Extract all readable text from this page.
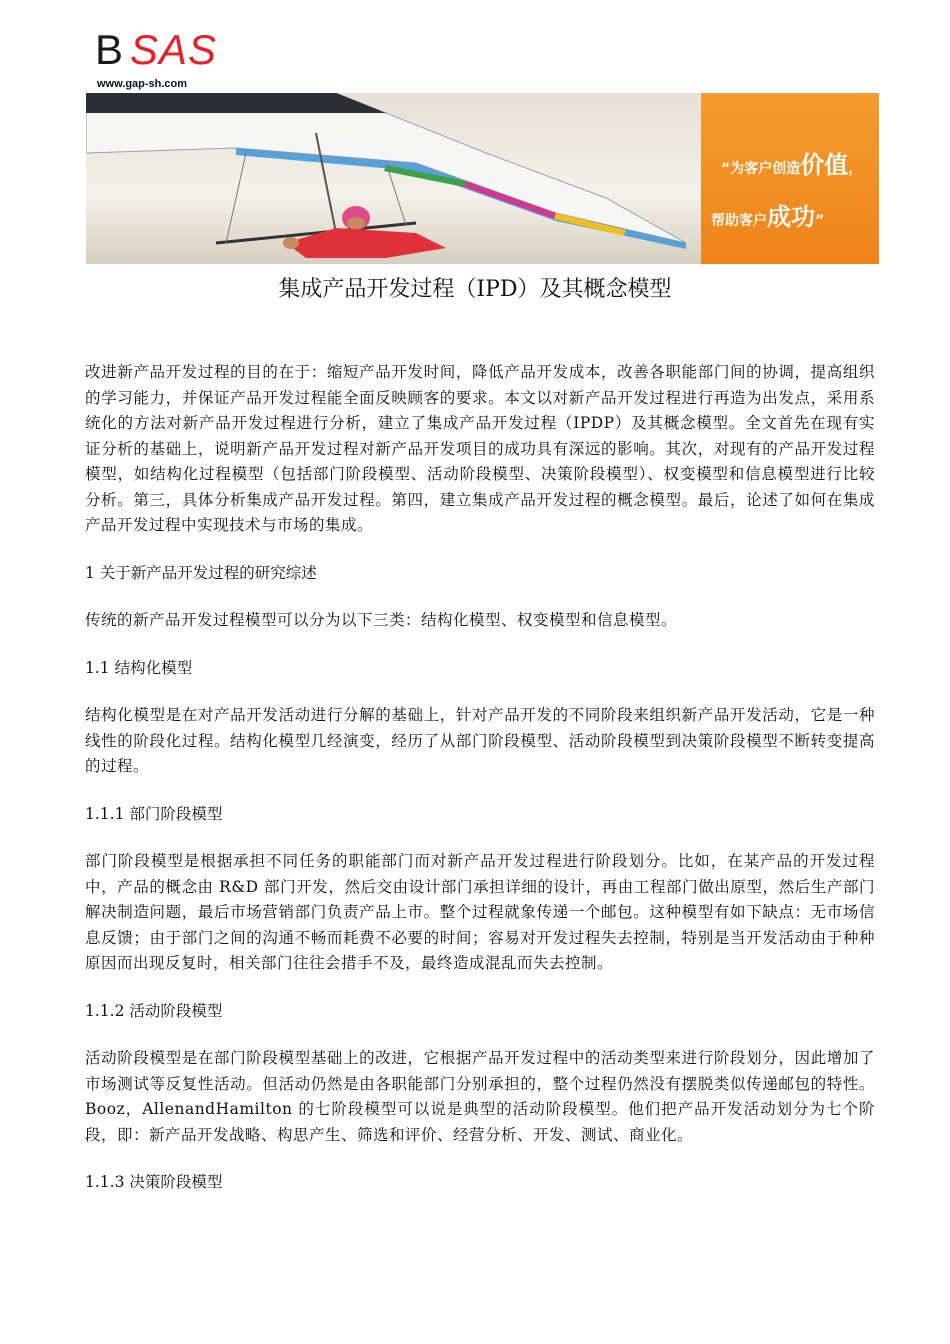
B SAS
www.gap-sh.com
“为客户创造价值，
帮助客户成功”
集成产品开发过程（IPD）及其概念模型

改进新产品开发过程的目的在于：缩短产品开发时间，降低产品开发成本，改善各职能部门间的协调，提高组织的学习能力，并保证产品开发过程能全面反映顾客的要求。本文以对新产品开发过程进行再造为出发点，采用系统化的方法对新产品开发过程进行分析，建立了集成产品开发过程（IPDP）及其概念模型。全文首先在现有实证分析的基础上，说明新产品开发过程对新产品开发项目的成功具有深远的影响。其次，对现有的产品开发过程模型，如结构化过程模型（包括部门阶段模型、活动阶段模型、决策阶段模型）、权变模型和信息模型进行比较分析。第三，具体分析集成产品开发过程。第四，建立集成产品开发过程的概念模型。最后，论述了如何在集成产品开发过程中实现技术与市场的集成。

1 关于新产品开发过程的研究综述

传统的新产品开发过程模型可以分为以下三类：结构化模型、权变模型和信息模型。

1.1 结构化模型

结构化模型是在对产品开发活动进行分解的基础上，针对产品开发的不同阶段来组织新产品开发活动，它是一种线性的阶段化过程。结构化模型几经演变，经历了从部门阶段模型、活动阶段模型到决策阶段模型不断转变提高的过程。

1.1.1 部门阶段模型

部门阶段模型是根据承担不同任务的职能部门而对新产品开发过程进行阶段划分。比如，在某产品的开发过程中，产品的概念由 R&D 部门开发，然后交由设计部门承担详细的设计，再由工程部门做出原型，然后生产部门解决制造问题，最后市场营销部门负责产品上市。整个过程就象传递一个邮包。这种模型有如下缺点：无市场信息反馈；由于部门之间的沟通不畅而耗费不必要的时间；容易对开发过程失去控制，特别是当开发活动由于种种原因而出现反复时，相关部门往往会措手不及，最终造成混乱而失去控制。

1.1.2 活动阶段模型

活动阶段模型是在部门阶段模型基础上的改进，它根据产品开发过程中的活动类型来进行阶段划分，因此增加了市场测试等反复性活动。但活动仍然是由各职能部门分别承担的，整个过程仍然没有摆脱类似传递邮包的特性。Booz，AllenandHamilton 的七阶段模型可以说是典型的活动阶段模型。他们把产品开发活动划分为七个阶段，即：新产品开发战略、构思产生、筛选和评价、经营分析、开发、测试、商业化。

1.1.3 决策阶段模型
